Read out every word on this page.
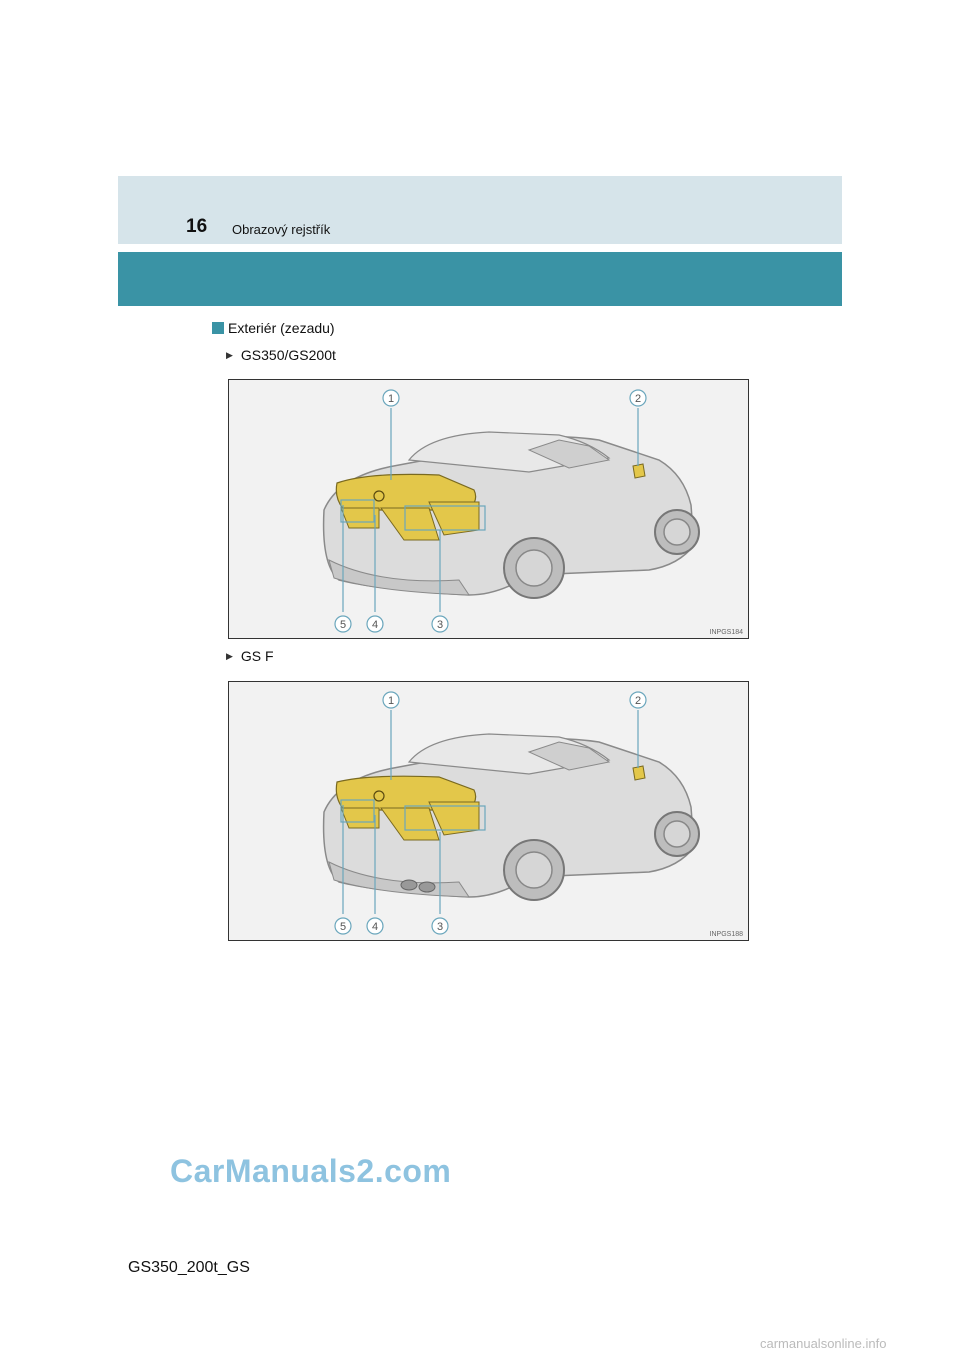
16 Obrazový rejstřík
Exteriér (zezadu)
▶ GS350/GS200t
1	2
3
4
5
INPGS184
▶ GS F
1	2
3
4
5
INPGS188
CarManuals2.com
GS350_200t_GS
carmanualsonline.info
